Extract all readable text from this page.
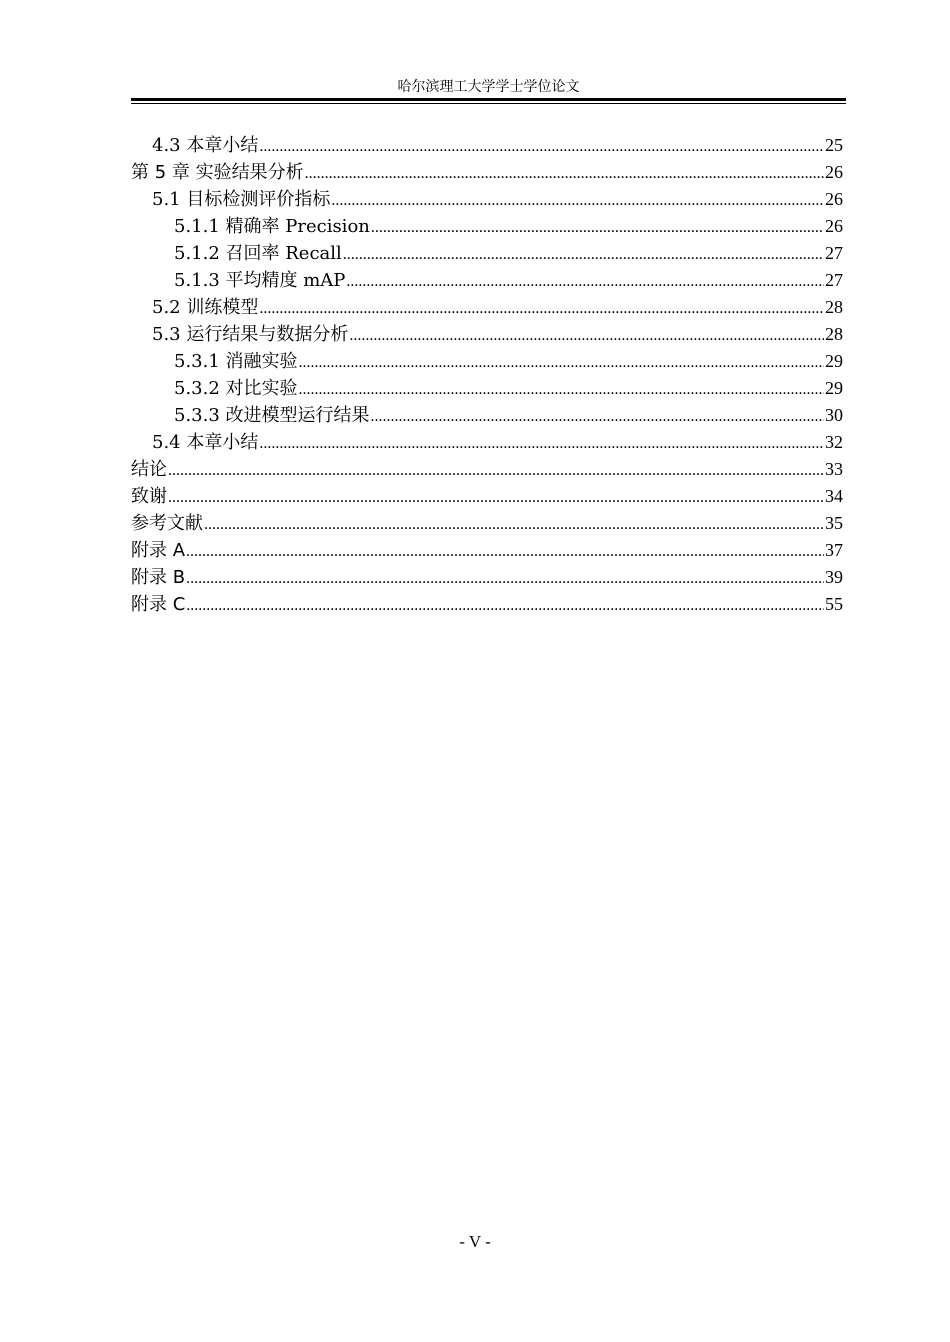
哈尔滨理工大学学士学位论文
4.3 本章小结 .....	25
第 5 章 实验结果分析 .....	26
5.1 目标检测评价指标 .....	26
5.1.1 精确率 Precision .....	26
5.1.2 召回率 Recall .....	27
5.1.3 平均精度 mAP .....	27
5.2 训练模型 .....	28
5.3 运行结果与数据分析 .....	28
5.3.1 消融实验 .....	29
5.3.2 对比实验 .....	29
5.3.3 改进模型运行结果 .....	30
5.4 本章小结 .....	32
结论 .....	33
致谢 .....	34
参考文献 .....	35
附录 A .....	37
附录 B .....	39
附录 C .....	55
- V -
